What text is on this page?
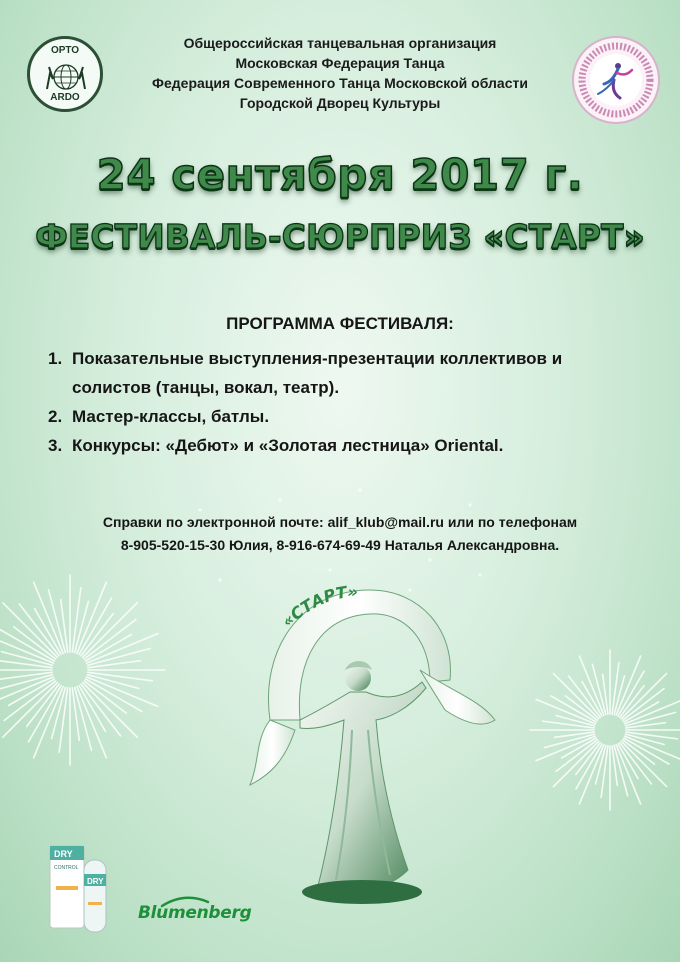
ОРТО
ARDO
Общероссийская танцевальная организация
Московская Федерация Танца
Федерация Современного Танца Московской области
Городской Дворец Культуры
24 сентября 2017 г.
ФЕСТИВАЛЬ-СЮРПРИЗ «СТАРТ»
ПРОГРАММА ФЕСТИВАЛЯ:
1. Показательные выступления-презентации коллективов и солистов (танцы, вокал, театр).
2. Мастер-классы, батлы.
3. Конкурсы: «Дебют» и «Золотая лестница» Oriental.
Справки по электронной почте: alif_klub@mail.ru или по телефонам
8-905-520-15-30 Юлия, 8-916-674-69-49 Наталья Александровна.
«СТАРТ»
DRY
CONTROL
DRY
Blumenberg
